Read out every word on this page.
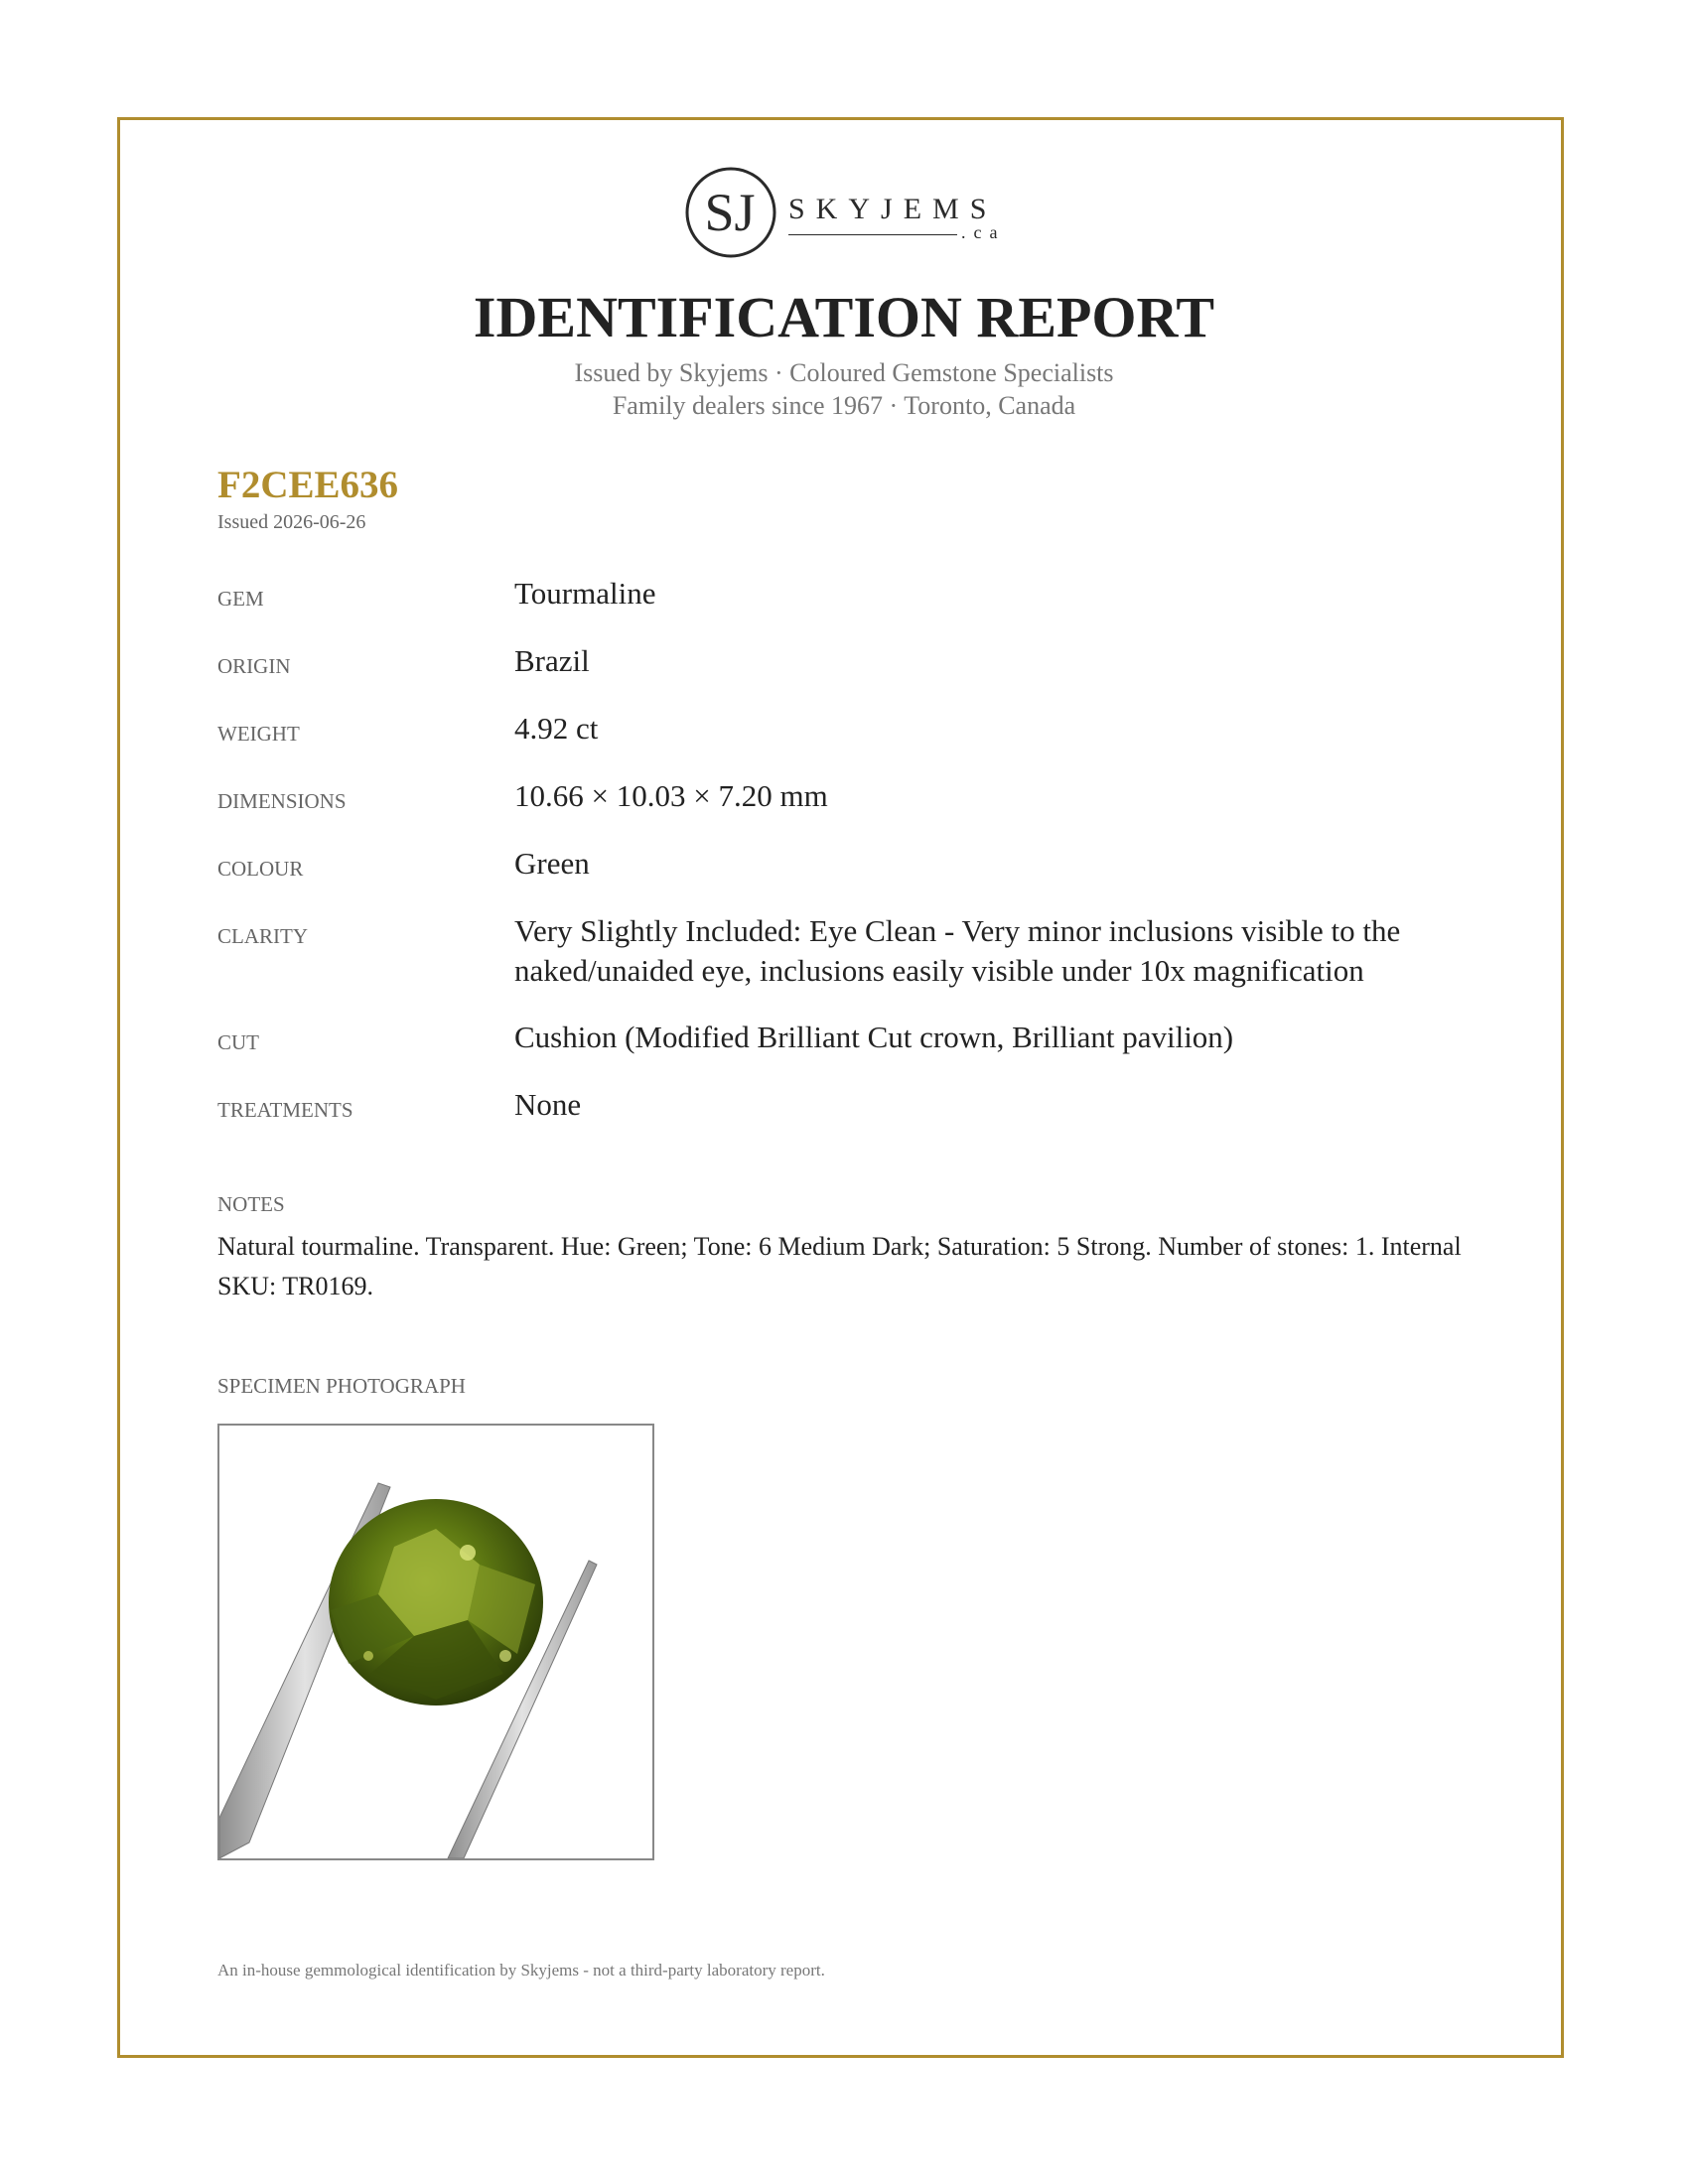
SJ SKYJEMS
.ca
IDENTIFICATION REPORT
Issued by Skyjems · Coloured Gemstone Specialists
Family dealers since 1967 · Toronto, Canada
F2CEE636
Issued 2026-06-26
GEM	Tourmaline
ORIGIN	Brazil
WEIGHT	4.92 ct
DIMENSIONS	10.66 × 10.03 × 7.20 mm
COLOUR	Green
CLARITY	Very Slightly Included: Eye Clean - Very minor inclusions visible to the naked/unaided eye, inclusions easily visible under 10x magnification
CUT	Cushion (Modified Brilliant Cut crown, Brilliant pavilion)
TREATMENTS	None
NOTES
Natural tourmaline. Transparent. Hue: Green; Tone: 6 Medium Dark; Saturation: 5 Strong. Number of stones: 1. Internal SKU: TR0169.
SPECIMEN PHOTOGRAPH
An in-house gemmological identification by Skyjems - not a third-party laboratory report.
